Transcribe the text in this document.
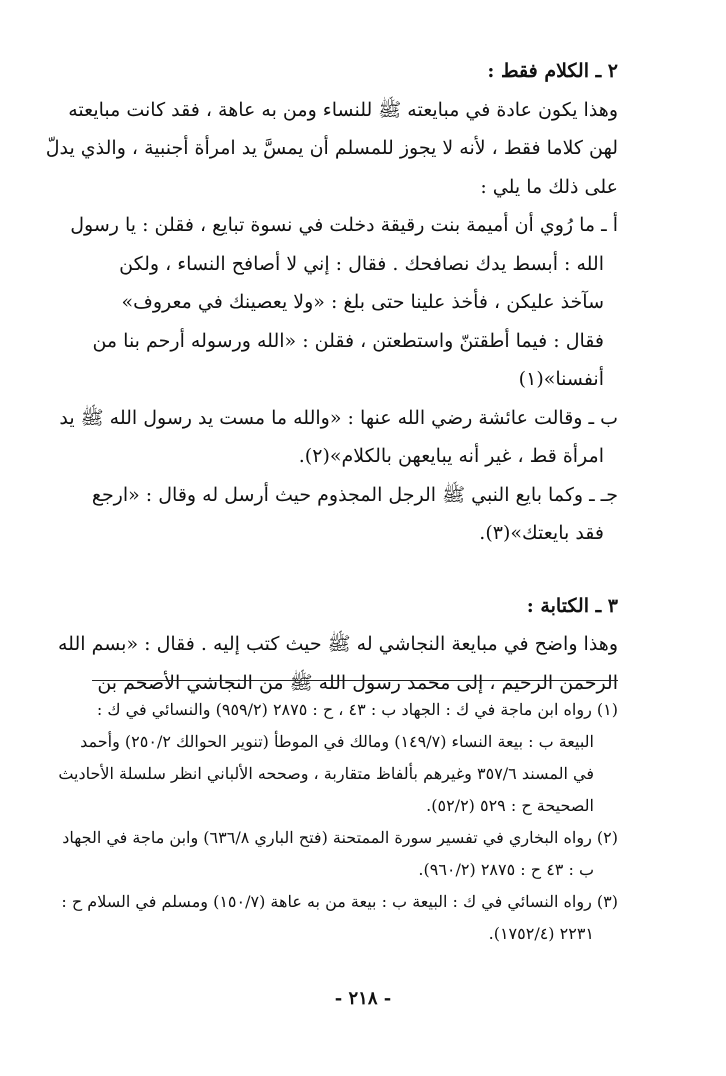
٢ ـ الكلام فقط :
وهذا يكون عادة في مبايعته ﷺ للنساء ومن به عاهة ، فقد كانت مبايعته
لهن كلاما فقط ، لأنه لا يجوز للمسلم أن يمسَّ يد امرأة أجنبية ، والذي يدلّ
على ذلك ما يلي :
أ ـ ما رُوي أن أميمة بنت رقيقة دخلت في نسوة تبايع ، فقلن : يا رسول
الله : أبسط يدك نصافحك . فقال : إني لا أصافح النساء ، ولكن
سآخذ عليكن ، فأخذ علينا حتى بلغ : «ولا يعصينك في معروف»
فقال : فيما أطقتنّ واستطعتن ، فقلن : «الله ورسوله أرحم بنا من
أنفسنا»(١)
ب ـ وقالت عائشة رضي الله عنها : «والله ما مست يد رسول الله ﷺ يد
امرأة قط ، غير أنه يبايعهن بالكلام»(٢).
جـ ـ وكما بايع النبي ﷺ الرجل المجذوم حيث أرسل له وقال : «ارجع
فقد بايعتك»(٣).
٣ ـ الكتابة :
وهذا واضح في مبايعة النجاشي له ﷺ حيث كتب إليه . فقال : «بسم الله
الرحمن الرحيم ، إلى محمد رسول الله ﷺ من النجاشي الأصحم بن
(١) رواه ابن ماجة في ك : الجهاد ب : ٤٣ ، ح : ٢٨٧٥ (٩٥٩/٢) والنسائي في ك :
البيعة ب : بيعة النساء (١٤٩/٧) ومالك في الموطأ (تنوير الحوالك ٢٥٠/٢) وأحمد
في المسند ٣٥٧/٦ وغيرهم بألفاظ متقاربة ، وصححه الألباني انظر سلسلة الأحاديث
الصحيحة ح : ٥٢٩ (٥٢/٢).
(٢) رواه البخاري في تفسير سورة الممتحنة (فتح الباري ٦٣٦/٨) وابن ماجة في الجهاد
ب : ٤٣ ح : ٢٨٧٥ (٩٦٠/٢).
(٣) رواه النسائي في ك : البيعة ب : بيعة من به عاهة (١٥٠/٧) ومسلم في السلام ح :
٢٢٣١ (١٧٥٢/٤).
- ٢١٨ -
